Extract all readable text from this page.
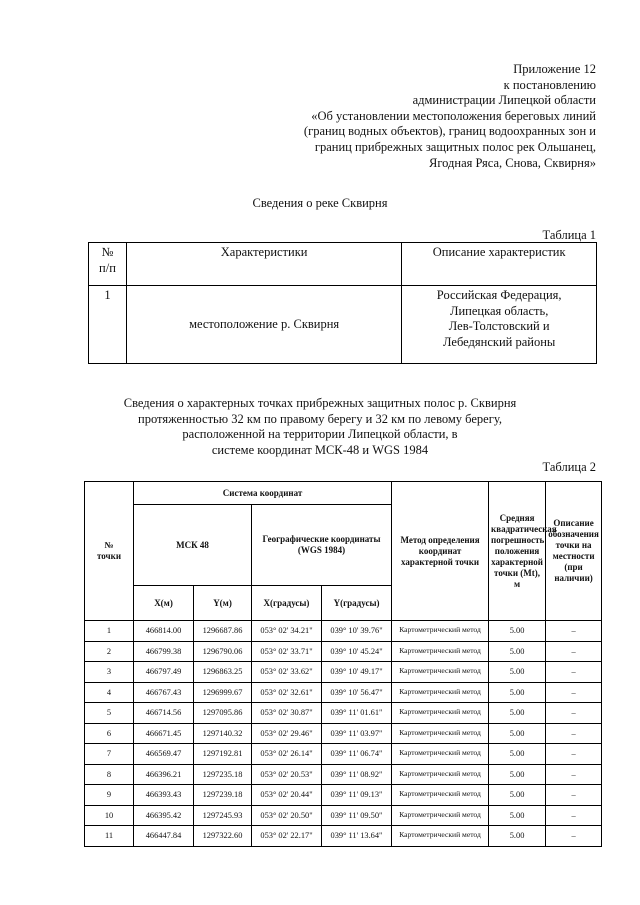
Приложение 12
к постановлению
администрации Липецкой области
«Об установлении местоположения береговых линий
(границ водных объектов), границ водоохранных зон и
границ прибрежных защитных полос рек Ольшанец,
Ягодная Ряса, Снова, Сквирня»
Сведения о реке Сквирня
Таблица 1
№
п/п	Характеристики	Описание характеристик
1	местоположение р. Сквирня	Российская Федерация,
Липецкая область,
Лев-Толстовский и
Лебедянский районы
Сведения о характерных точках прибрежных защитных полос р. Сквирня
протяженностью 32 км по правому берегу и 32 км по левому берегу,
расположенной на территории Липецкой области, в
системе координат МСК-48 и WGS 1984
Таблица 2
№
точки	Система координат				Метод определения координат характерной точки	Средняя квадратическая погрешность положения характерной точки (Mt), м	Описание обозначения точки на местности (при наличии)
	МСК 48		Географические координаты (WGS 1984)				
	X(м)	Y(м)	X(градусы)	Y(градусы)			
1	466814.00	1296687.86	053° 02' 34.21"	039° 10' 39.76"	Картометрический метод	5.00	–
2	466799.38	1296790.06	053° 02' 33.71"	039° 10' 45.24"	Картометрический метод	5.00	–
3	466797.49	1296863.25	053° 02' 33.62"	039° 10' 49.17"	Картометрический метод	5.00	–
4	466767.43	1296999.67	053° 02' 32.61"	039° 10' 56.47"	Картометрический метод	5.00	–
5	466714.56	1297095.86	053° 02' 30.87"	039° 11' 01.61"	Картометрический метод	5.00	–
6	466671.45	1297140.32	053° 02' 29.46"	039° 11' 03.97"	Картометрический метод	5.00	–
7	466569.47	1297192.81	053° 02' 26.14"	039° 11' 06.74"	Картометрический метод	5.00	–
8	466396.21	1297235.18	053° 02' 20.53"	039° 11' 08.92"	Картометрический метод	5.00	–
9	466393.43	1297239.18	053° 02' 20.44"	039° 11' 09.13"	Картометрический метод	5.00	–
10	466395.42	1297245.93	053° 02' 20.50"	039° 11' 09.50"	Картометрический метод	5.00	–
11	466447.84	1297322.60	053° 02' 22.17"	039° 11' 13.64"	Картометрический метод	5.00	–
